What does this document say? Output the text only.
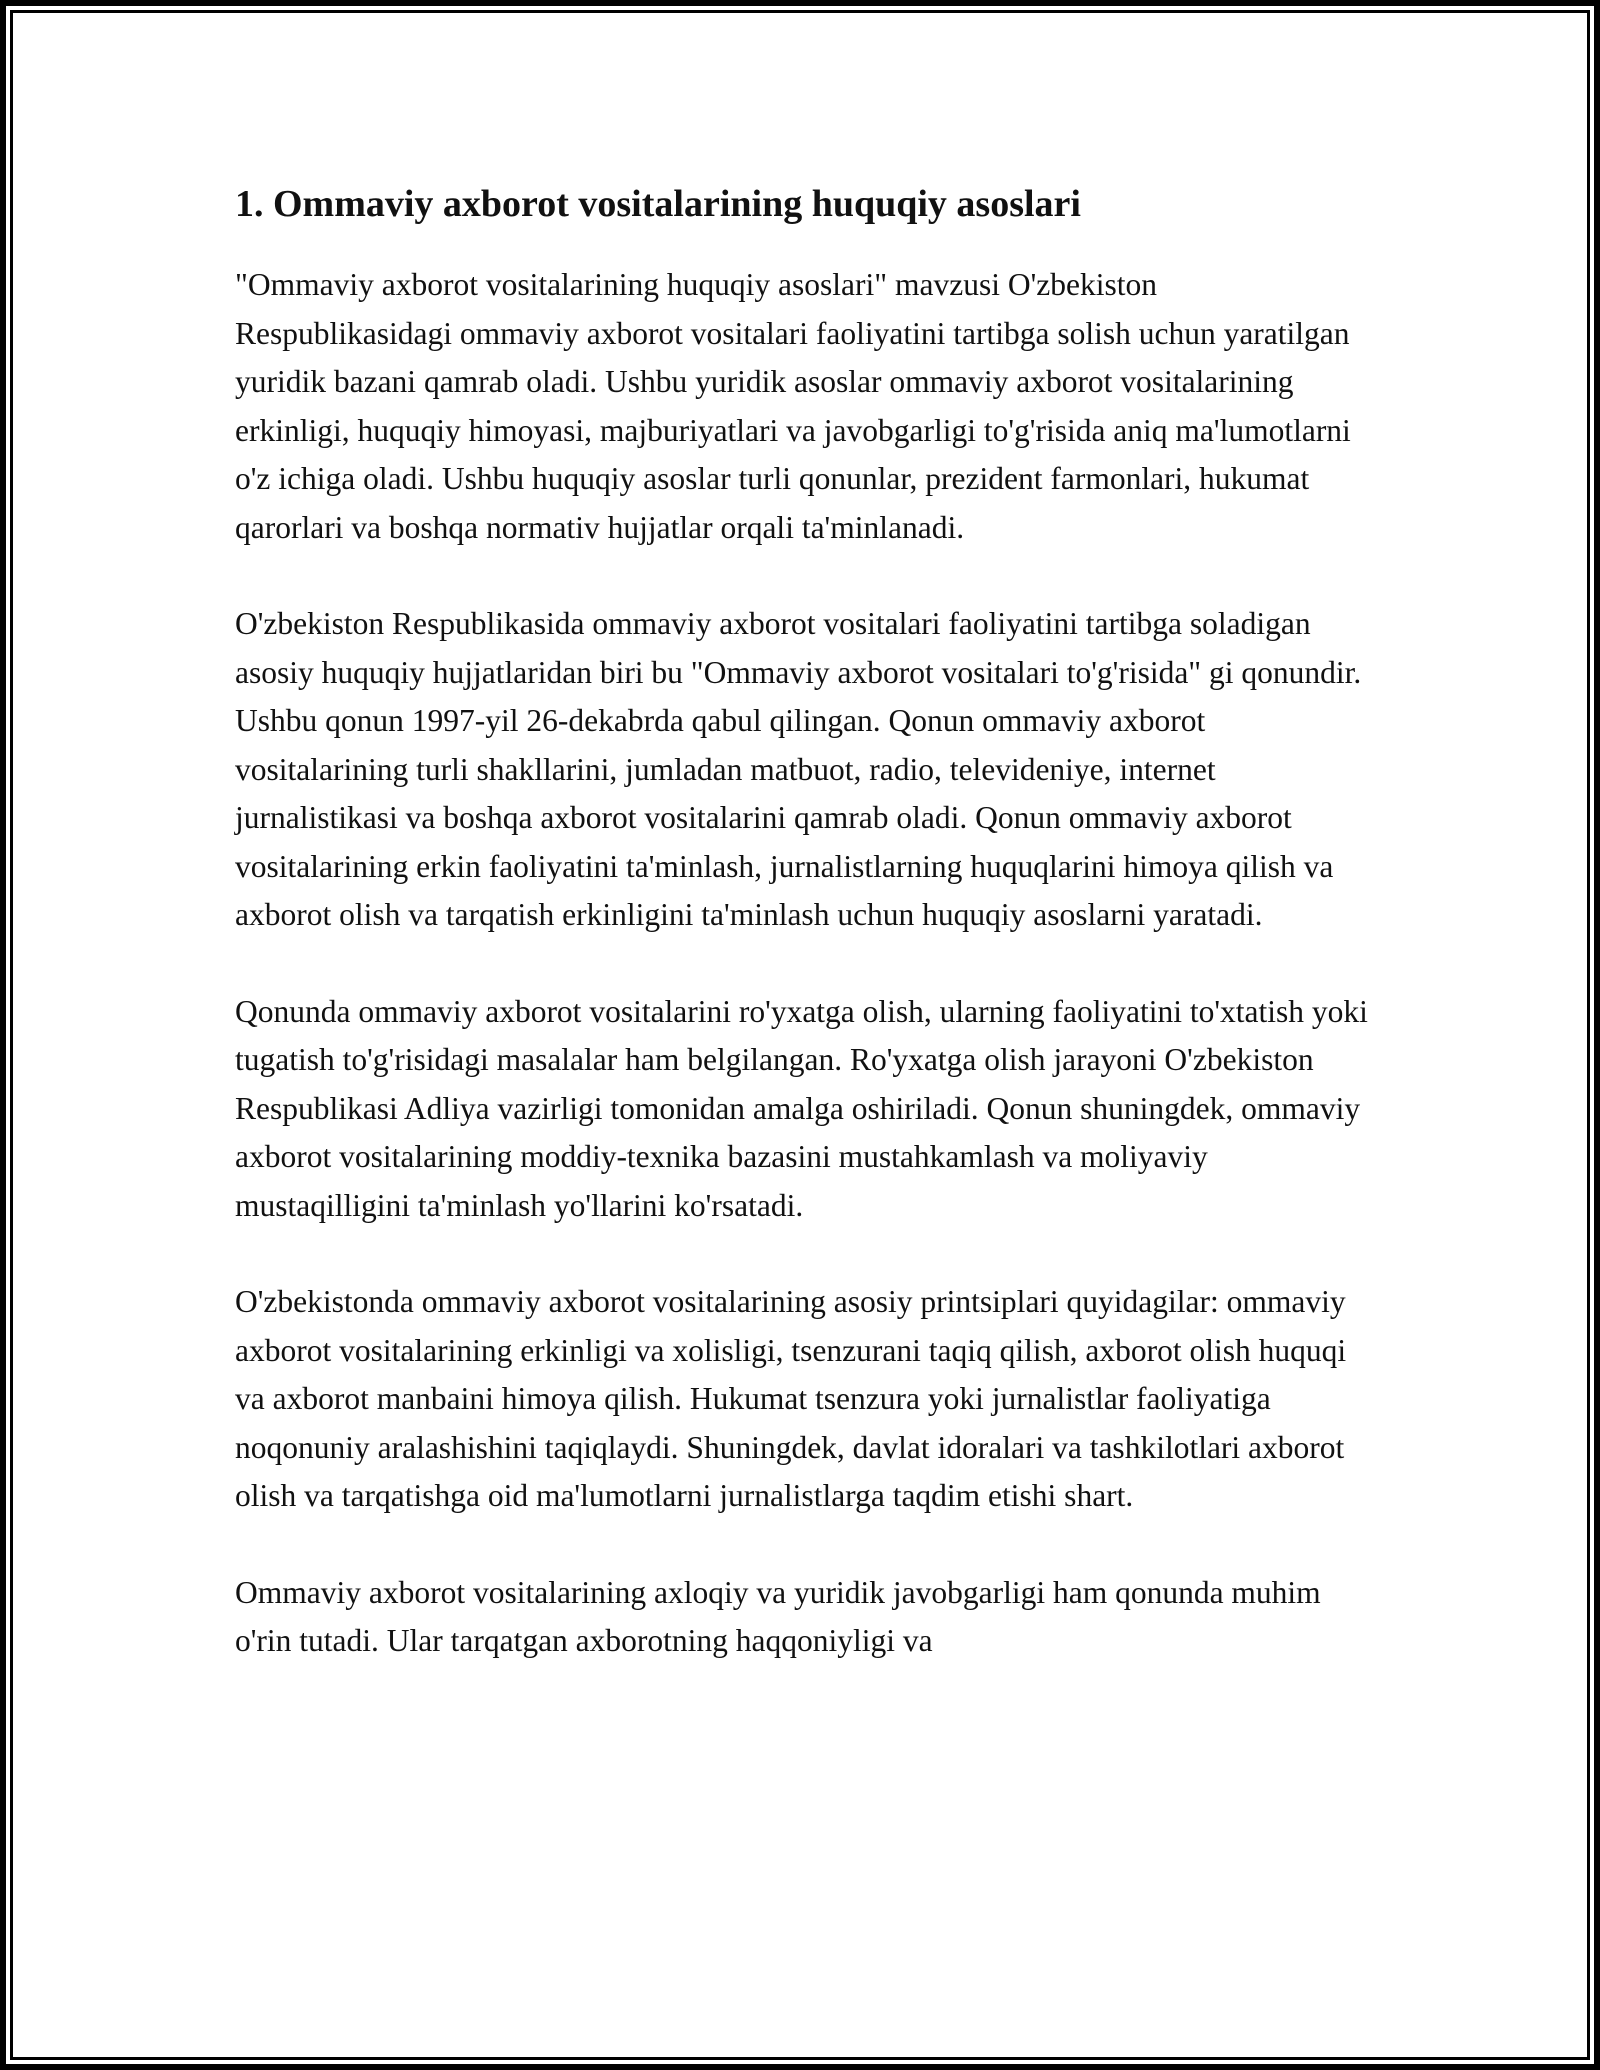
1. Ommaviy axborot vositalarining huquqiy asoslari

"Ommaviy axborot vositalarining huquqiy asoslari" mavzusi O'zbekiston Respublikasidagi ommaviy axborot vositalari faoliyatini tartibga solish uchun yaratilgan yuridik bazani qamrab oladi. Ushbu yuridik asoslar ommaviy axborot vositalarining erkinligi, huquqiy himoyasi, majburiyatlari va javobgarligi to'g'risida aniq ma'lumotlarni o'z ichiga oladi. Ushbu huquqiy asoslar turli qonunlar, prezident farmonlari, hukumat qarorlari va boshqa normativ hujjatlar orqali ta'minlanadi.

O'zbekiston Respublikasida ommaviy axborot vositalari faoliyatini tartibga soladigan asosiy huquqiy hujjatlaridan biri bu "Ommaviy axborot vositalari to'g'risida" gi qonundir. Ushbu qonun 1997-yil 26-dekabrda qabul qilingan. Qonun ommaviy axborot vositalarining turli shakllarini, jumladan matbuot, radio, televideniye, internet jurnalistikasi va boshqa axborot vositalarini qamrab oladi. Qonun ommaviy axborot vositalarining erkin faoliyatini ta'minlash, jurnalistlarning huquqlarini himoya qilish va axborot olish va tarqatish erkinligini ta'minlash uchun huquqiy asoslarni yaratadi.

Qonunda ommaviy axborot vositalarini ro'yxatga olish, ularning faoliyatini to'xtatish yoki tugatish to'g'risidagi masalalar ham belgilangan. Ro'yxatga olish jarayoni O'zbekiston Respublikasi Adliya vazirligi tomonidan amalga oshiriladi. Qonun shuningdek, ommaviy axborot vositalarining moddiy-texnika bazasini mustahkamlash va moliyaviy mustaqilligini ta'minlash yo'llarini ko'rsatadi.

O'zbekistonda ommaviy axborot vositalarining asosiy printsiplari quyidagilar: ommaviy axborot vositalarining erkinligi va xolisligi, tsenzurani taqiq qilish, axborot olish huquqi va axborot manbaini himoya qilish. Hukumat tsenzura yoki jurnalistlar faoliyatiga noqonuniy aralashishini taqiqlaydi. Shuningdek, davlat idoralari va tashkilotlari axborot olish va tarqatishga oid ma'lumotlarni jurnalistlarga taqdim etishi shart.

Ommaviy axborot vositalarining axloqiy va yuridik javobgarligi ham qonunda muhim o'rin tutadi. Ular tarqatgan axborotning haqqoniyligi va
